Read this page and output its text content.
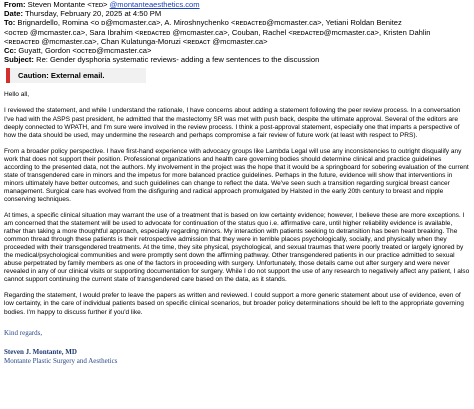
From: Steven Montante <ᴛᴇᴅ> @montanteaesthetics.com
Date: Thursday, February 20, 2025 at 4:50 PM
To: Brignardello, Romina <ᴏ ᴅ@mcmaster.ca>, A. Miroshnychenko <ʀᴇᴅᴀᴄᴛᴇᴅ@mcmaster.ca>, Yetiani Roldan Benitez
<ᴏᴄᴛᴇᴅ @mcmaster.ca>, Sara Ibrahim <ʀᴇᴅᴀᴄᴛᴇᴅ @mcmaster.ca>, Couban, Rachel <ʀᴇᴅᴀᴄᴛᴇᴅ@mcmaster.ca>, Kristen Dahlin
<ʀᴇᴅᴀᴄᴛᴇᴅ @mcmaster.ca>, Chan Kulatunga-Moruzi <ʀᴇᴅᴀᴄᴛ @mcmaster.ca>
Cc: Guyatt, Gordon <ᴏᴄᴛᴇᴅ@mcmaster.ca>
Subject: Re: Gender dysphoria systematic reviews- adding a few sentences to the discussion
Caution: External email.

Hello all,

I reviewed the statement, and while I understand the rationale, I have concerns about adding a statement following the peer review process. In a conversation I've had with the ASPS past president, he admitted that the mastectomy SR was met with push back, despite the ultimate approval. Several of the editors are deeply connected to WPATH, and I'm sure were involved in the review process. I think a post-approval statement, especially one that imparts a perspective of how the data should be used, may undermine the research and perhaps compromise a fair review of future work (at least with respect to PRS).

From a broader policy perspective. I have first-hand experience with advocacy groups like Lambda Legal will use any inconsistencies to outright disqualify any work that does not support their position. Professional organizations and health care governing bodies should determine clinical and practice guidelines according to the presented data, not the authors. My involvement in the project was the hope that it would be a springboard for sobering evaluation of the current state of transgendered care in minors and the impetus for more balanced practice guidelines. Perhaps in the future, evidence will show that interventions in minors ultimately have better outcomes, and such guidelines can change to reflect the data. We've seen such a transition regarding surgical breast cancer management. Surgical care has evolved from the disfiguring and radical approach promulgated by Halsted in the early 20th century to breast and nipple conserving techniques.

At times, a specific clinical situation may warrant the use of a treatment that is based on low certainty evidence; however, I believe these are more exceptions. I am concerned that the statement will be used to advocate for continuation of the status quo i.e. affirmative care, until higher reliability evidence is available, rather than taking a more thoughtful approach, especially regarding minors. My interaction with patients seeking to detransition has been heart breaking. The common thread through these patients is their retrospective admission that they were in terrible places psychologically, socially, and physically when they proceeded with their transgendered treatments. At the time, they site physical, psychological, and sexual traumas that were poorly treated or largely ignored by the medical/psychological communities and were promptly sent down the affirming pathway. Other transgendered patients in our practice admitted to sexual abuse perpetrated by family members as one of the factors in proceeding with surgery. Unfortunately, those details came out after surgery and were never revealed in any of our clinical visits or supporting documentation for surgery. While I do not support the use of any research to negatively affect any patient, I also cannot support continuing the current state of transgendered care based on the data, as it stands.

Regarding the statement, I would prefer to leave the papers as written and reviewed. I could support a more generic statement about use of evidence, even of low certainty, in the care of individual patients based on specific clinical scenarios, but broader policy determinations should be left to the appropriate governing bodies. I'm happy to discuss further if you'd like.

Kind regards,
Steven J. Montante, MD
Montante Plastic Surgery and Aesthetics
